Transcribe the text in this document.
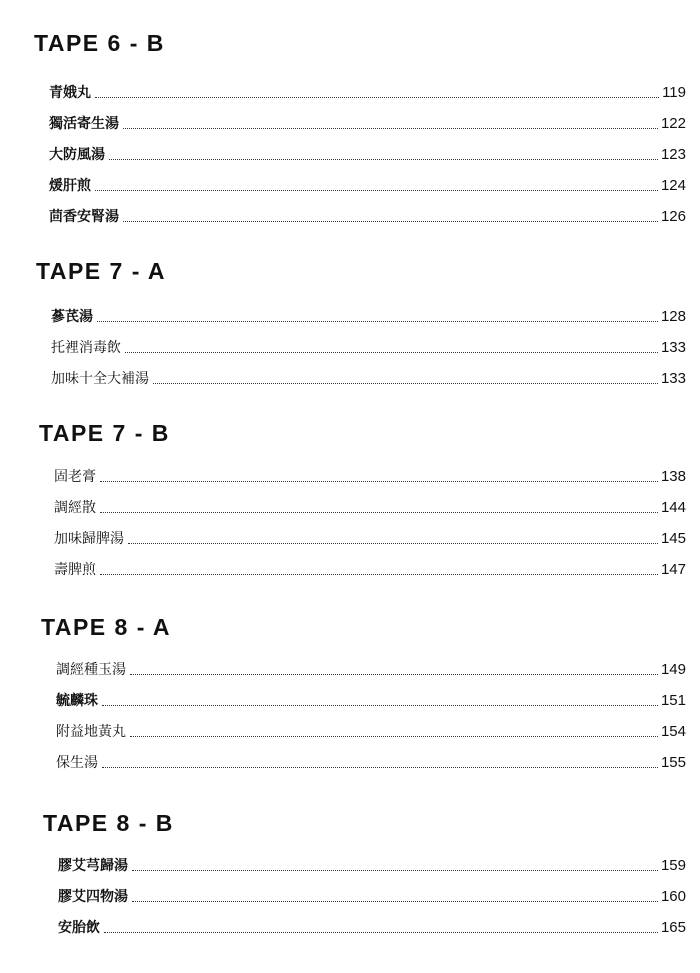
TAPE 6 - B
青娥丸	119
獨活寄生湯	122
大防風湯	123
煖肝煎	124
茴香安腎湯	126
TAPE 7 - A
蔘芪湯	128
托裡消毒飲	133
加味十全大補湯	133
TAPE 7 - B
固老膏	138
調經散	144
加味歸脾湯	145
壽脾煎	147
TAPE 8 - A
調經種玉湯	149
毓麟珠	151
附益地黃丸	154
保生湯	155
TAPE 8 - B
膠艾芎歸湯	159
膠艾四物湯	160
安胎飲	165
